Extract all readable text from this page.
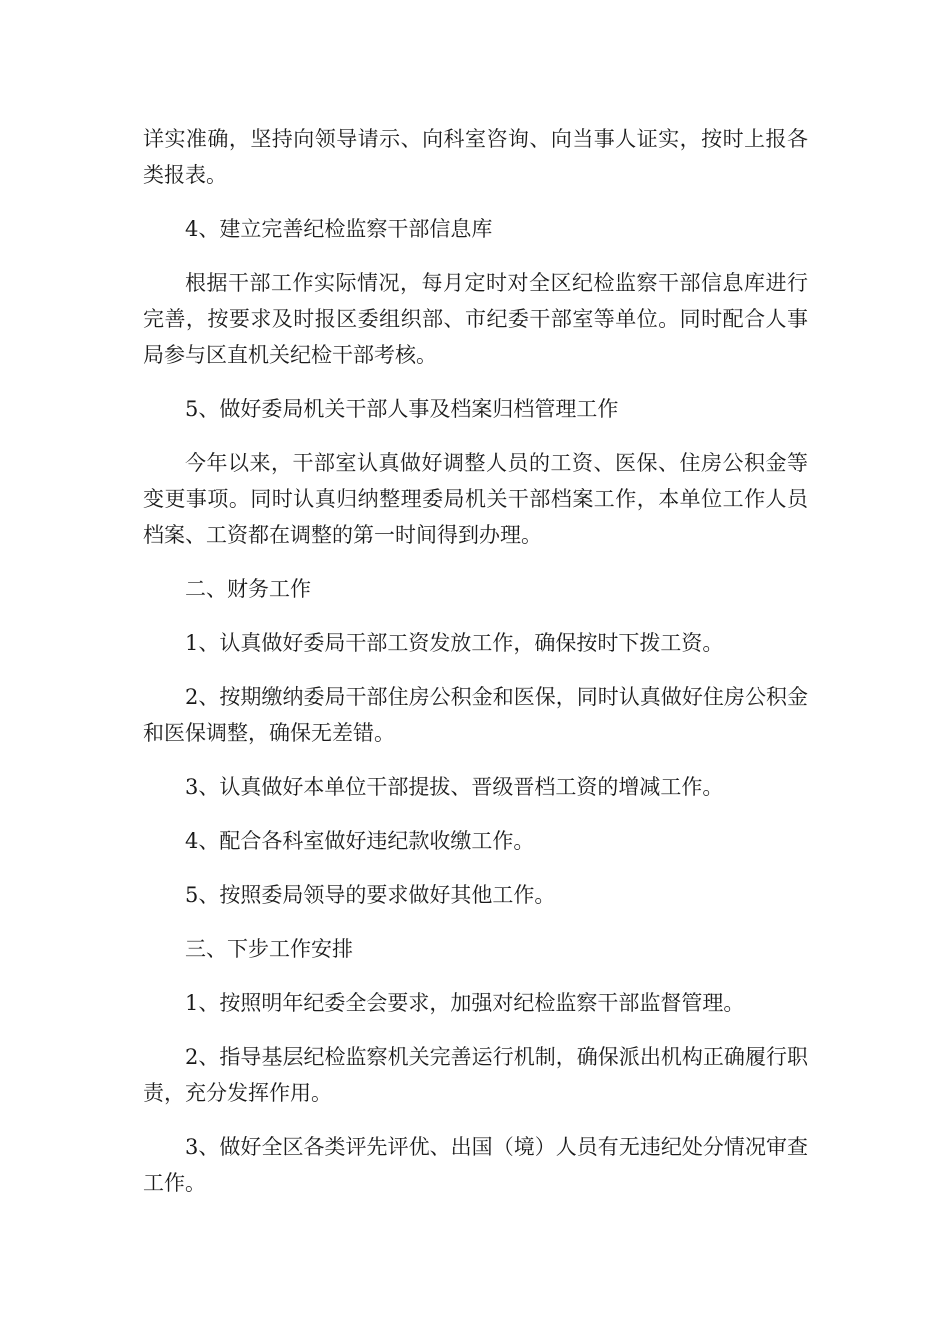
详实准确，坚持向领导请示、向科室咨询、向当事人证实，按时上报各类报表。

4、建立完善纪检监察干部信息库

根据干部工作实际情况，每月定时对全区纪检监察干部信息库进行完善，按要求及时报区委组织部、市纪委干部室等单位。同时配合人事局参与区直机关纪检干部考核。

5、做好委局机关干部人事及档案归档管理工作

今年以来，干部室认真做好调整人员的工资、医保、住房公积金等变更事项。同时认真归纳整理委局机关干部档案工作，本单位工作人员档案、工资都在调整的第一时间得到办理。

二、财务工作

1、认真做好委局干部工资发放工作，确保按时下拨工资。

2、按期缴纳委局干部住房公积金和医保，同时认真做好住房公积金和医保调整，确保无差错。

3、认真做好本单位干部提拔、晋级晋档工资的增减工作。

4、配合各科室做好违纪款收缴工作。

5、按照委局领导的要求做好其他工作。

三、下步工作安排

1、按照明年纪委全会要求，加强对纪检监察干部监督管理。

2、指导基层纪检监察机关完善运行机制，确保派出机构正确履行职责，充分发挥作用。

3、做好全区各类评先评优、出国（境）人员有无违纪处分情况审查工作。
